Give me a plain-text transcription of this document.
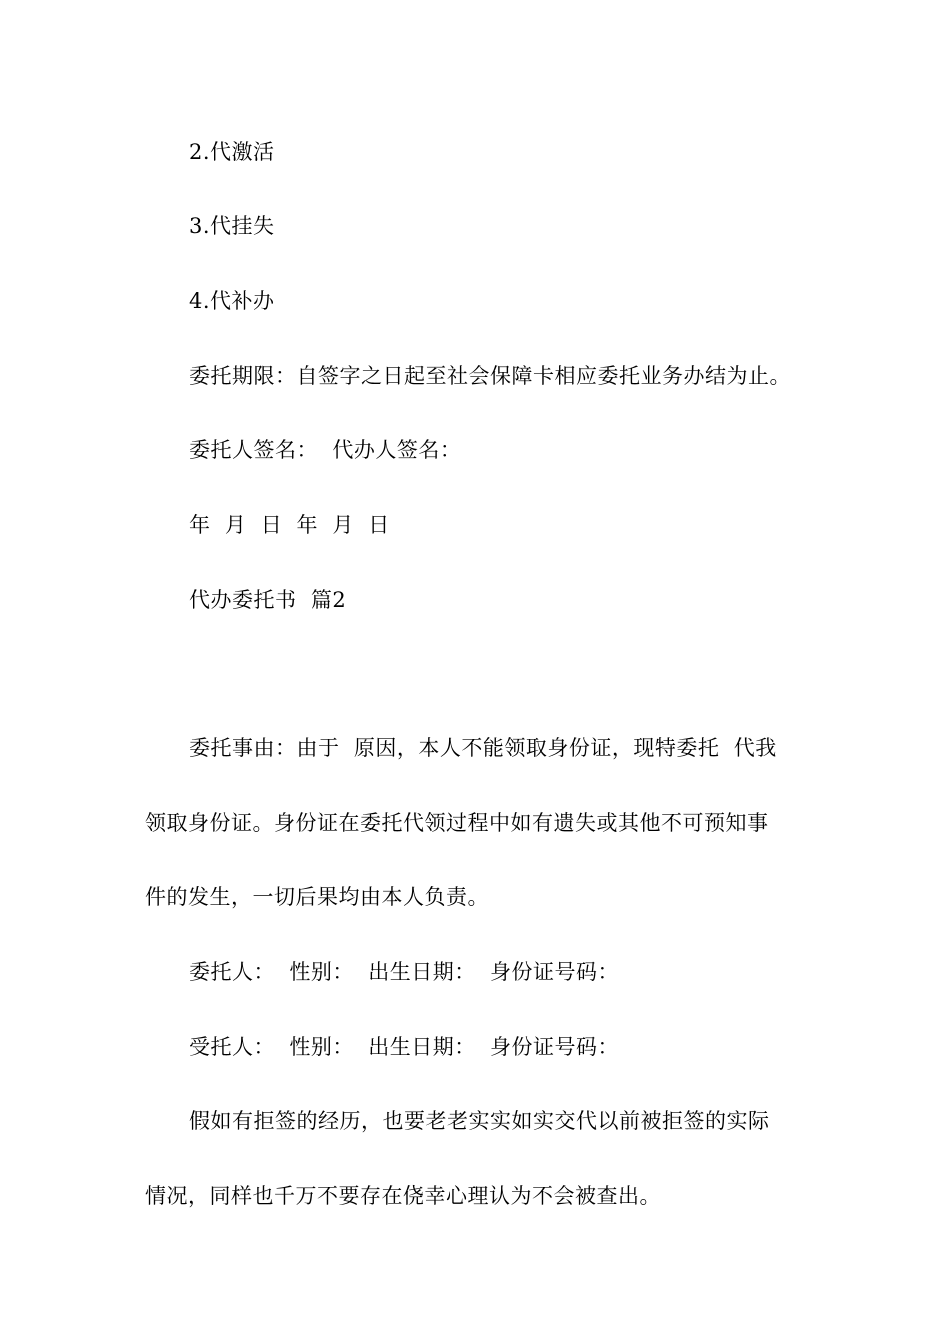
2.代激活
3.代挂失
4.代补办
委托期限：自签字之日起至社会保障卡相应委托业务办结为止。
委托人签名：  代办人签名：
年  月  日  年  月  日
代办委托书  篇2
委托事由：由于  原因，本人不能领取身份证，现特委托  代我
领取身份证。身份证在委托代领过程中如有遗失或其他不可预知事
件的发生，一切后果均由本人负责。
委托人：  性别：  出生日期：  身份证号码：
受托人：  性别：  出生日期：  身份证号码：
假如有拒签的经历，也要老老实实如实交代以前被拒签的实际
情况，同样也千万不要存在侥幸心理认为不会被查出。
